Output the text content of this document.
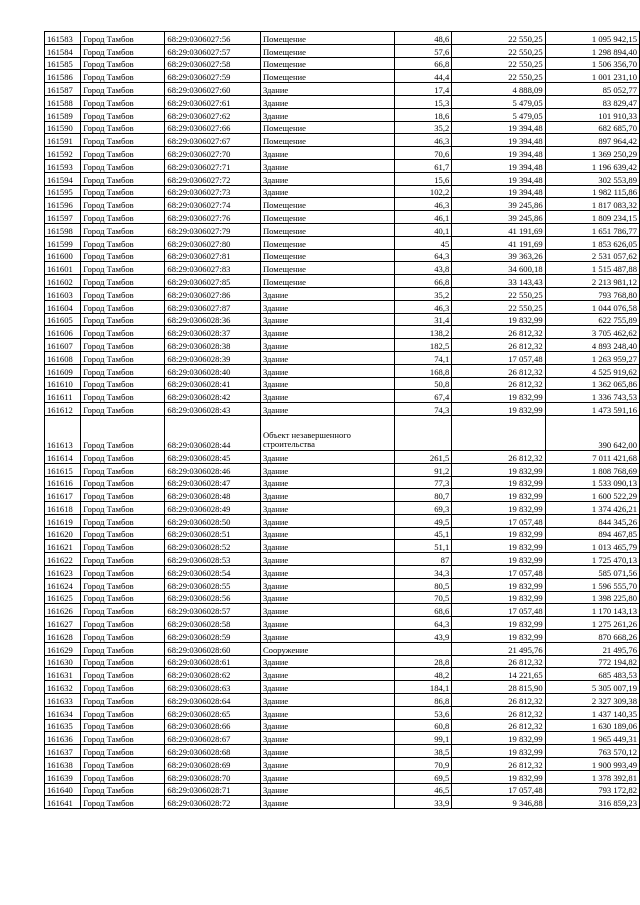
161583	Город Тамбов	68:29:0306027:56	Помещение	48,6	22 550,25	1 095 942,15
161584	Город Тамбов	68:29:0306027:57	Помещение	57,6	22 550,25	1 298 894,40
161585	Город Тамбов	68:29:0306027:58	Помещение	66,8	22 550,25	1 506 356,70
161586	Город Тамбов	68:29:0306027:59	Помещение	44,4	22 550,25	1 001 231,10
161587	Город Тамбов	68:29:0306027:60	Здание	17,4	4 888,09	85 052,77
161588	Город Тамбов	68:29:0306027:61	Здание	15,3	5 479,05	83 829,47
161589	Город Тамбов	68:29:0306027:62	Здание	18,6	5 479,05	101 910,33
161590	Город Тамбов	68:29:0306027:66	Помещение	35,2	19 394,48	682 685,70
161591	Город Тамбов	68:29:0306027:67	Помещение	46,3	19 394,48	897 964,42
161592	Город Тамбов	68:29:0306027:70	Здание	70,6	19 394,48	1 369 250,29
161593	Город Тамбов	68:29:0306027:71	Здание	61,7	19 394,48	1 196 639,42
161594	Город Тамбов	68:29:0306027:72	Здание	15,6	19 394,48	302 553,89
161595	Город Тамбов	68:29:0306027:73	Здание	102,2	19 394,48	1 982 115,86
161596	Город Тамбов	68:29:0306027:74	Помещение	46,3	39 245,86	1 817 083,32
161597	Город Тамбов	68:29:0306027:76	Помещение	46,1	39 245,86	1 809 234,15
161598	Город Тамбов	68:29:0306027:79	Помещение	40,1	41 191,69	1 651 786,77
161599	Город Тамбов	68:29:0306027:80	Помещение	45	41 191,69	1 853 626,05
161600	Город Тамбов	68:29:0306027:81	Помещение	64,3	39 363,26	2 531 057,62
161601	Город Тамбов	68:29:0306027:83	Помещение	43,8	34 600,18	1 515 487,88
161602	Город Тамбов	68:29:0306027:85	Помещение	66,8	33 143,43	2 213 981,12
161603	Город Тамбов	68:29:0306027:86	Здание	35,2	22 550,25	793 768,80
161604	Город Тамбов	68:29:0306027:87	Здание	46,3	22 550,25	1 044 076,58
161605	Город Тамбов	68:29:0306028:36	Здание	31,4	19 832,99	622 755,89
161606	Город Тамбов	68:29:0306028:37	Здание	138,2	26 812,32	3 705 462,62
161607	Город Тамбов	68:29:0306028:38	Здание	182,5	26 812,32	4 893 248,40
161608	Город Тамбов	68:29:0306028:39	Здание	74,1	17 057,48	1 263 959,27
161609	Город Тамбов	68:29:0306028:40	Здание	168,8	26 812,32	4 525 919,62
161610	Город Тамбов	68:29:0306028:41	Здание	50,8	26 812,32	1 362 065,86
161611	Город Тамбов	68:29:0306028:42	Здание	67,4	19 832,99	1 336 743,53
161612	Город Тамбов	68:29:0306028:43	Здание	74,3	19 832,99	1 473 591,16
161613	Город Тамбов	68:29:0306028:44	Объект незавершенного строительства			390 642,00
161614	Город Тамбов	68:29:0306028:45	Здание	261,5	26 812,32	7 011 421,68
161615	Город Тамбов	68:29:0306028:46	Здание	91,2	19 832,99	1 808 768,69
161616	Город Тамбов	68:29:0306028:47	Здание	77,3	19 832,99	1 533 090,13
161617	Город Тамбов	68:29:0306028:48	Здание	80,7	19 832,99	1 600 522,29
161618	Город Тамбов	68:29:0306028:49	Здание	69,3	19 832,99	1 374 426,21
161619	Город Тамбов	68:29:0306028:50	Здание	49,5	17 057,48	844 345,26
161620	Город Тамбов	68:29:0306028:51	Здание	45,1	19 832,99	894 467,85
161621	Город Тамбов	68:29:0306028:52	Здание	51,1	19 832,99	1 013 465,79
161622	Город Тамбов	68:29:0306028:53	Здание	87	19 832,99	1 725 470,13
161623	Город Тамбов	68:29:0306028:54	Здание	34,3	17 057,48	585 071,56
161624	Город Тамбов	68:29:0306028:55	Здание	80,5	19 832,99	1 596 555,70
161625	Город Тамбов	68:29:0306028:56	Здание	70,5	19 832,99	1 398 225,80
161626	Город Тамбов	68:29:0306028:57	Здание	68,6	17 057,48	1 170 143,13
161627	Город Тамбов	68:29:0306028:58	Здание	64,3	19 832,99	1 275 261,26
161628	Город Тамбов	68:29:0306028:59	Здание	43,9	19 832,99	870 668,26
161629	Город Тамбов	68:29:0306028:60	Сооружение		21 495,76	21 495,76
161630	Город Тамбов	68:29:0306028:61	Здание	28,8	26 812,32	772 194,82
161631	Город Тамбов	68:29:0306028:62	Здание	48,2	14 221,65	685 483,53
161632	Город Тамбов	68:29:0306028:63	Здание	184,1	28 815,90	5 305 007,19
161633	Город Тамбов	68:29:0306028:64	Здание	86,8	26 812,32	2 327 309,38
161634	Город Тамбов	68:29:0306028:65	Здание	53,6	26 812,32	1 437 140,35
161635	Город Тамбов	68:29:0306028:66	Здание	60,8	26 812,32	1 630 189,06
161636	Город Тамбов	68:29:0306028:67	Здание	99,1	19 832,99	1 965 449,31
161637	Город Тамбов	68:29:0306028:68	Здание	38,5	19 832,99	763 570,12
161638	Город Тамбов	68:29:0306028:69	Здание	70,9	26 812,32	1 900 993,49
161639	Город Тамбов	68:29:0306028:70	Здание	69,5	19 832,99	1 378 392,81
161640	Город Тамбов	68:29:0306028:71	Здание	46,5	17 057,48	793 172,82
161641	Город Тамбов	68:29:0306028:72	Здание	33,9	9 346,88	316 859,23
